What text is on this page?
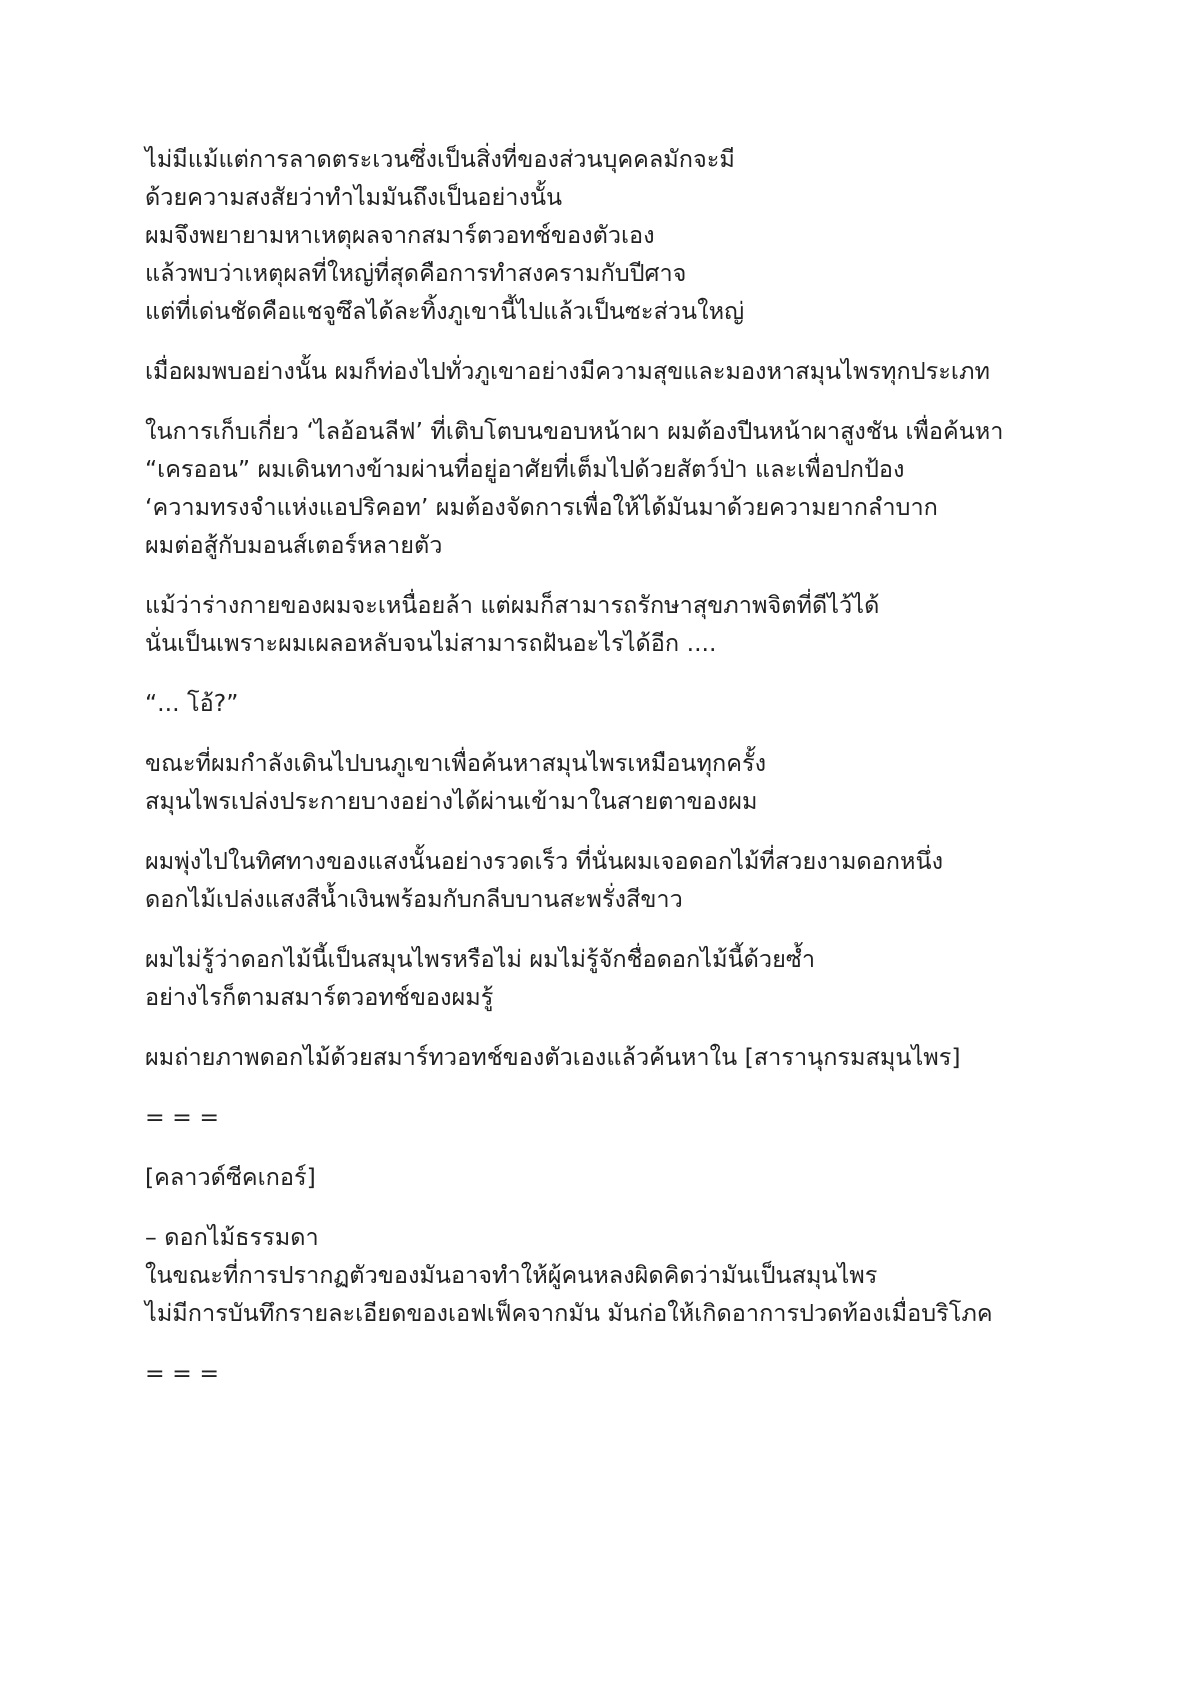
ไม่มีแม้แต่การลาดตระเวนซึ่งเป็นสิ่งที่ของส่วนบุคคลมักจะมี
ด้วยความสงสัยว่าทำไมมันถึงเป็นอย่างนั้น
ผมจึงพยายามหาเหตุผลจากสมาร์ตวอทช์ของตัวเอง
แล้วพบว่าเหตุผลที่ใหญ่ที่สุดคือการทำสงครามกับปีศาจ
แต่ที่เด่นชัดคือแชจูซึลได้ละทิ้งภูเขานี้ไปแล้วเป็นซะส่วนใหญ่

เมื่อผมพบอย่างนั้น ผมก็ท่องไปทั่วภูเขาอย่างมีความสุขและมองหาสมุนไพรทุกประเภท

ในการเก็บเกี่ยว ‘ไลอ้อนลีฟ’ ที่เติบโตบนขอบหน้าผา ผมต้องปีนหน้าผาสูงชัน เพื่อค้นหา
“เครออน” ผมเดินทางข้ามผ่านที่อยู่อาศัยที่เต็มไปด้วยสัตว์ป่า และเพื่อปกป้อง
‘ความทรงจำแห่งแอปริคอท’ ผมต้องจัดการเพื่อให้ได้มันมาด้วยความยากลำบาก
ผมต่อสู้กับมอนส์เตอร์หลายตัว

แม้ว่าร่างกายของผมจะเหนื่อยล้า แต่ผมก็สามารถรักษาสุขภาพจิตที่ดีไว้ได้
นั่นเป็นเพราะผมเผลอหลับจนไม่สามารถฝันอะไรได้อีก ....

“... โอ้?”

ขณะที่ผมกำลังเดินไปบนภูเขาเพื่อค้นหาสมุนไพรเหมือนทุกครั้ง
สมุนไพรเปล่งประกายบางอย่างได้ผ่านเข้ามาในสายตาของผม

ผมพุ่งไปในทิศทางของแสงนั้นอย่างรวดเร็ว ที่นั่นผมเจอดอกไม้ที่สวยงามดอกหนึ่ง
ดอกไม้เปล่งแสงสีน้ำเงินพร้อมกับกลีบบานสะพรั่งสีขาว

ผมไม่รู้ว่าดอกไม้นี้เป็นสมุนไพรหรือไม่ ผมไม่รู้จักชื่อดอกไม้นี้ด้วยซ้ำ
อย่างไรก็ตามสมาร์ตวอทช์ของผมรู้

ผมถ่ายภาพดอกไม้ด้วยสมาร์ทวอทช์ของตัวเองแล้วค้นหาใน [สารานุกรมสมุนไพร]

= = =

[คลาวด์ซีคเกอร์]

– ดอกไม้ธรรมดา
ในขณะที่การปรากฏตัวของมันอาจทำให้ผู้คนหลงผิดคิดว่ามันเป็นสมุนไพร
ไม่มีการบันทึกรายละเอียดของเอฟเฟ็คจากมัน มันก่อให้เกิดอาการปวดท้องเมื่อบริโภค

= = =
